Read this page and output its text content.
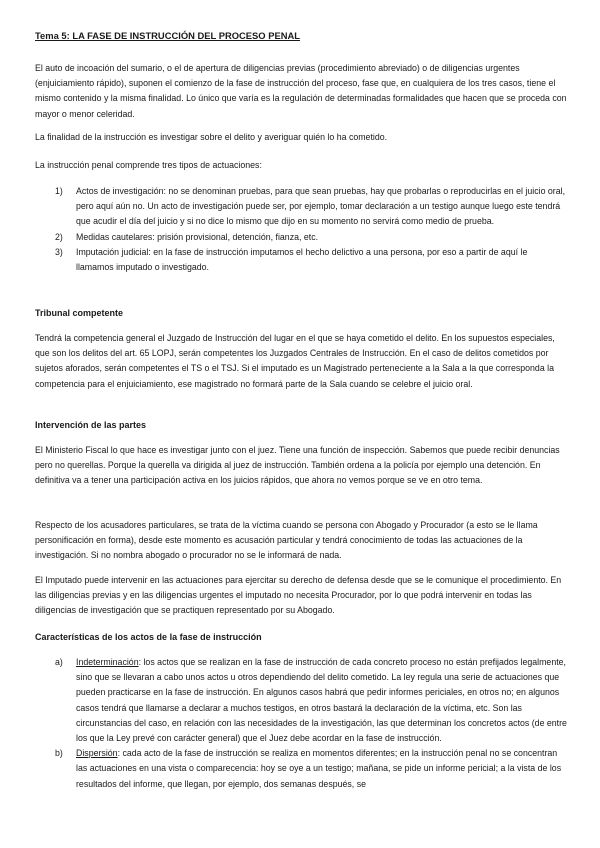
Tema 5: LA FASE DE INSTRUCCIÓN DEL PROCESO PENAL

El auto de incoación del sumario, o el de apertura de diligencias previas (procedimiento abreviado) o de diligencias urgentes (enjuiciamiento rápido), suponen el comienzo de la fase de instrucción del proceso, fase que, en cualquiera de los tres casos, tiene el mismo contenido y la misma finalidad. Lo único que varía es la regulación de determinadas formalidades que hacen que se proceda con mayor o menor celeridad.

La finalidad de la instrucción es investigar sobre el delito y averiguar quién lo ha cometido.

La instrucción penal comprende tres tipos de actuaciones:

1) Actos de investigación: no se denominan pruebas, para que sean pruebas, hay que probarlas o reproducirlas en el juicio oral, pero aquí aún no. Un acto de investigación puede ser, por ejemplo, tomar declaración a un testigo aunque luego este tendrá que acudir el día del juicio y si no dice lo mismo que dijo en su momento no servirá como medio de prueba.
2) Medidas cautelares: prisión provisional, detención, fianza, etc.
3) Imputación judicial: en la fase de instrucción imputamos el hecho delictivo a una persona, por eso a partir de aquí le llamamos imputado o investigado.

Tribunal competente

Tendrá la competencia general el Juzgado de Instrucción del lugar en el que se haya cometido el delito. En los supuestos especiales, que son los delitos del art. 65 LOPJ, serán competentes los Juzgados Centrales de Instrucción. En el caso de delitos cometidos por sujetos aforados, serán competentes el TS o el TSJ. Si el imputado es un Magistrado perteneciente a la Sala a la que corresponda la competencia para el enjuiciamiento, ese magistrado no formará parte de la Sala cuando se celebre el juicio oral.

Intervención de las partes

El Ministerio Fiscal lo que hace es investigar junto con el juez. Tiene una función de inspección. Sabemos que puede recibir denuncias pero no querellas. Porque la querella va dirigida al juez de instrucción. También ordena a la policía por ejemplo una detención. En definitiva va a tener una participación activa en los juicios rápidos, que ahora no vemos porque se ve en otro tema.

Respecto de los acusadores particulares, se trata de la víctima cuando se persona con Abogado y Procurador (a esto se le llama personificación en forma), desde este momento es acusación particular y tendrá conocimiento de todas las actuaciones de la investigación. Si no nombra abogado o procurador no se le informará de nada.

El Imputado puede intervenir en las actuaciones para ejercitar su derecho de defensa desde que se le comunique el procedimiento. En las diligencias previas y en las diligencias urgentes el imputado no necesita Procurador, por lo que podrá intervenir en todas las diligencias de investigación que se practiquen representado por su Abogado.

Características de los actos de la fase de instrucción

a) Indeterminación: los actos que se realizan en la fase de instrucción de cada concreto proceso no están prefijados legalmente, sino que se llevaran a cabo unos actos u otros dependiendo del delito cometido. La ley regula una serie de actuaciones que pueden practicarse en la fase de instrucción. En algunos casos habrá que pedir informes periciales, en otros no; en algunos casos tendrá que llamarse a declarar a muchos testigos, en otros bastará la declaración de la víctima, etc. Son las circunstancias del caso, en relación con las necesidades de la investigación, las que determinan los concretos actos (de entre los que la Ley prevé con carácter general) que el Juez debe acordar en la fase de instrucción.
b) Dispersión: cada acto de la fase de instrucción se realiza en momentos diferentes; en la instrucción penal no se concentran las actuaciones en una vista o comparecencia: hoy se oye a un testigo; mañana, se pide un informe pericial; a la vista de los resultados del informe, que llegan, por ejemplo, dos semanas después, se
